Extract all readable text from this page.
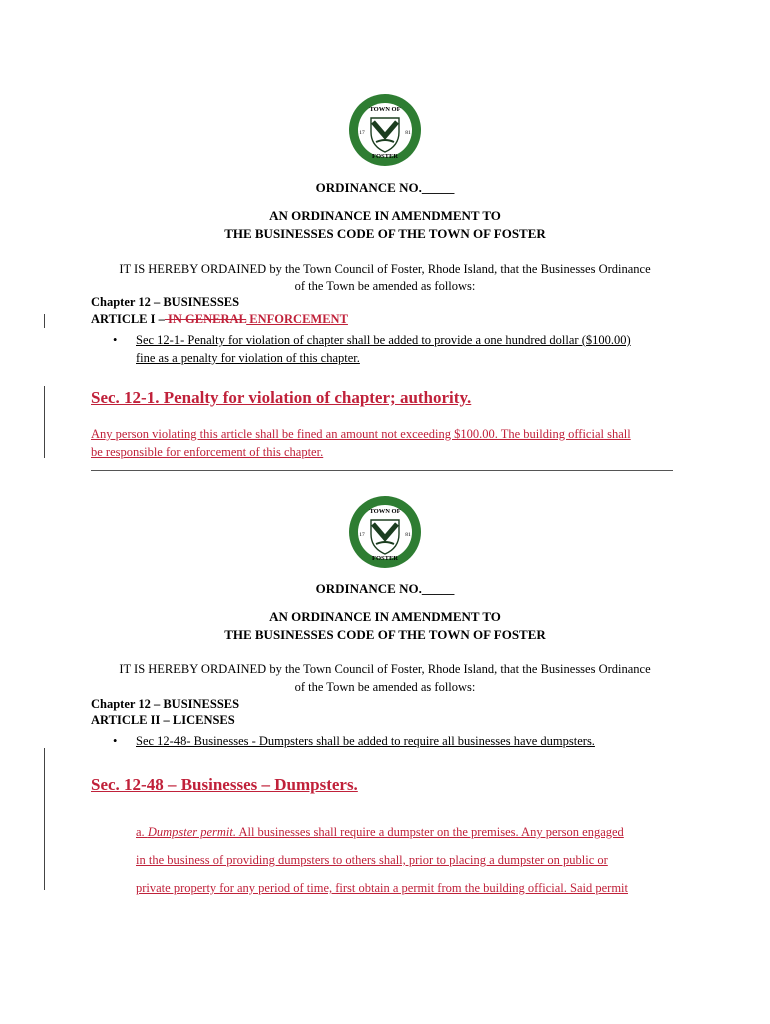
TOWN OF
FOSTER
17	81
ORDINANCE NO._____
AN ORDINANCE IN AMENDMENT TO
THE BUSINESSES CODE OF THE TOWN OF FOSTER
IT IS HEREBY ORDAINED by the Town Council of Foster, Rhode Island, that the Businesses Ordinance
of the Town be amended as follows:
Chapter 12 – BUSINESSES
ARTICLE I – IN GENERAL ENFORCEMENT
• Sec 12-1- Penalty for violation of chapter shall be added to provide a one hundred dollar ($100.00)
fine as a penalty for violation of this chapter.
Sec. 12-1. Penalty for violation of chapter; authority.
Any person violating this article shall be fined an amount not exceeding $100.00. The building official shall
be responsible for enforcement of this chapter.
TOWN OF
FOSTER
17	81
ORDINANCE NO._____
AN ORDINANCE IN AMENDMENT TO
THE BUSINESSES CODE OF THE TOWN OF FOSTER
IT IS HEREBY ORDAINED by the Town Council of Foster, Rhode Island, that the Businesses Ordinance
of the Town be amended as follows:
Chapter 12 – BUSINESSES
ARTICLE II – LICENSES
• Sec 12-48- Businesses - Dumpsters shall be added to require all businesses have dumpsters.
Sec. 12-48 – Businesses – Dumpsters.
a. Dumpster permit. All businesses shall require a dumpster on the premises. Any person engaged
in the business of providing dumpsters to others shall, prior to placing a dumpster on public or
private property for any period of time, first obtain a permit from the building official. Said permit
